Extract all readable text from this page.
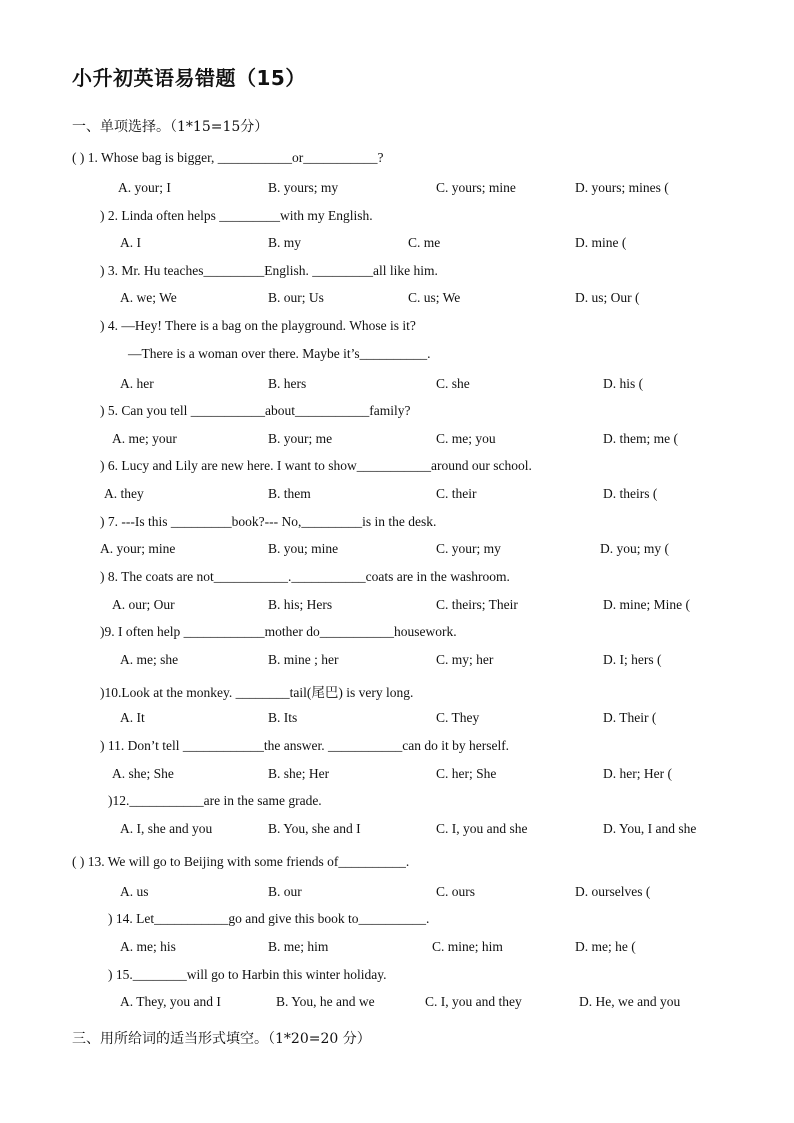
小升初英语易错题（15）
一、单项选择。（1*15=15分）
( ) 1. Whose bag is bigger, ___________or___________?
A. your; I	B. yours; my	C. yours; mine	D. yours; mines (
) 2. Linda often helps _________with my English.
A. I	B. my	C. me	D. mine (
) 3. Mr. Hu teaches_________English. _________all like him.
A. we; We	B. our; Us	C. us; We	D. us; Our (
) 4. —Hey! There is a bag on the playground. Whose is it?
—There is a woman over there. Maybe it’s__________.
A. her	B. hers	C. she	D. his (
) 5. Can you tell ___________about___________family?
A. me; your	B. your; me	C. me; you	D. them; me (
) 6. Lucy and Lily are new here. I want to show___________around our school.
A. they	B. them	C. their	D. theirs (
) 7. ---Is this _________book?--- No,_________is in the desk.
A. your; mine	B. you; mine	C. your; my	D. you; my (
) 8. The coats are not___________.___________coats are in the washroom.
A. our; Our	B. his; Hers	C. theirs; Their	D. mine; Mine (
)9. I often help ____________mother do___________housework.
A. me; she	B. mine ; her	C. my; her	D. I; hers (
)10.Look at the monkey. ________tail(尾巴) is very long.
A. It	B. Its	C. They	D. Their (
) 11. Don’t tell ____________the answer. ___________can do it by herself.
A. she; She	B. she; Her	C. her; She	D. her; Her (
)12.___________are in the same grade.
A. I, she and you	B. You, she and I	C. I, you and she	D. You, I and she
( ) 13. We will go to Beijing with some friends of__________.
A. us	B. our	C. ours	D. ourselves (
) 14. Let___________go and give this book to__________.
A. me; his	B. me; him	C. mine; him	D. me; he (
) 15.________will go to Harbin this winter holiday.
A. They, you and I	B. You, he and we	C. I, you and they	D. He, we and you
三、用所给词的适当形式填空。（1*20=20 分）
